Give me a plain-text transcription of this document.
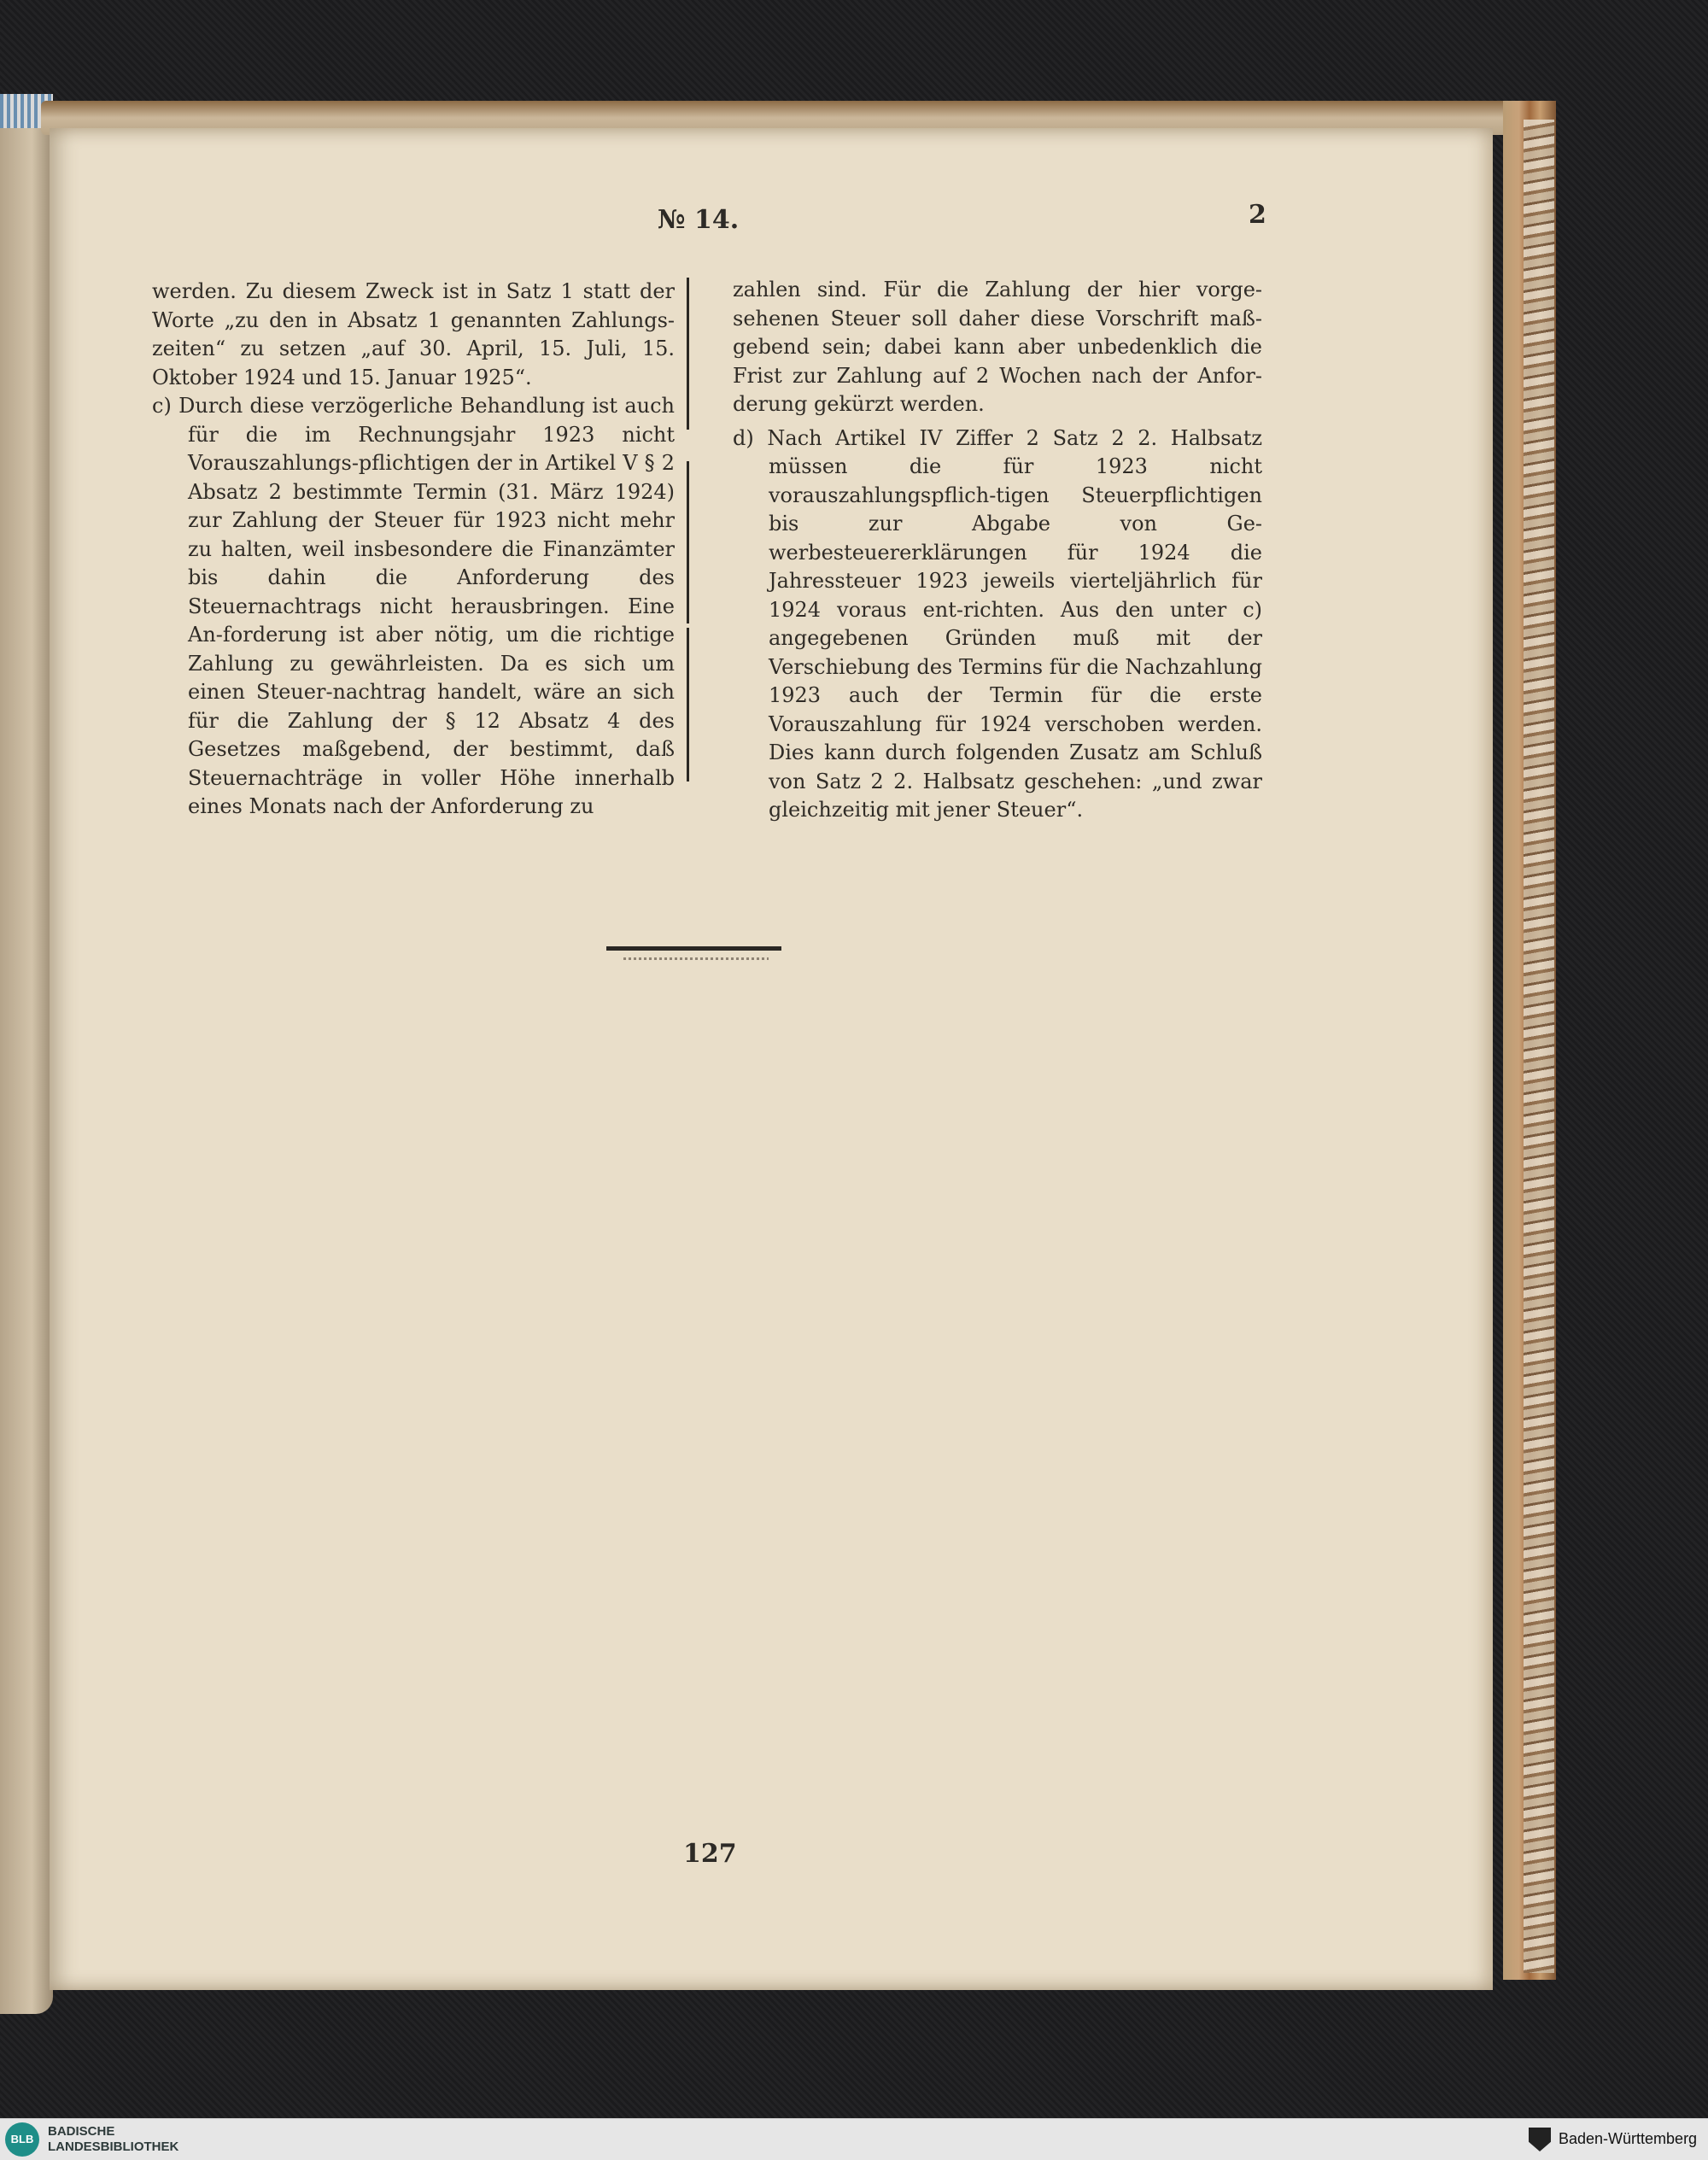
№ 14.	2

werden. Zu diesem Zweck ist in Satz 1 statt der Worte „zu den in Absatz 1 genannten Zahlungs-zeiten“ zu setzen „auf 30. April, 15. Juli, 15. Oktober 1924 und 15. Januar 1925“.

c) Durch diese verzögerliche Behandlung ist auch für die im Rechnungsjahr 1923 nicht Vorauszahlungs-pflichtigen der in Artikel V § 2 Absatz 2 bestimmte Termin (31. März 1924) zur Zahlung der Steuer für 1923 nicht mehr zu halten, weil insbesondere die Finanzämter bis dahin die Anforderung des Steuernachtrags nicht herausbringen. Eine An-forderung ist aber nötig, um die richtige Zahlung zu gewährleisten. Da es sich um einen Steuer-nachtrag handelt, wäre an sich für die Zahlung der § 12 Absatz 4 des Gesetzes maßgebend, der bestimmt, daß Steuernachträge in voller Höhe innerhalb eines Monats nach der Anforderung zu

zahlen sind. Für die Zahlung der hier vorge-sehenen Steuer soll daher diese Vorschrift maß-gebend sein; dabei kann aber unbedenklich die Frist zur Zahlung auf 2 Wochen nach der Anfor-derung gekürzt werden.

d) Nach Artikel IV Ziffer 2 Satz 2 2. Halbsatz müssen die für 1923 nicht vorauszahlungspflich-tigen Steuerpflichtigen bis zur Abgabe von Ge-werbesteuererklärungen für 1924 die Jahressteuer 1923 jeweils vierteljährlich für 1924 voraus ent-richten. Aus den unter c) angegebenen Gründen muß mit der Verschiebung des Termins für die Nachzahlung 1923 auch der Termin für die erste Vorauszahlung für 1924 verschoben werden. Dies kann durch folgenden Zusatz am Schluß von Satz 2 2. Halbsatz geschehen: „und zwar gleichzeitig mit jener Steuer“.

127
BLB
BADISCHE
LANDESBIBLIOTHEK	Baden-Württemberg
